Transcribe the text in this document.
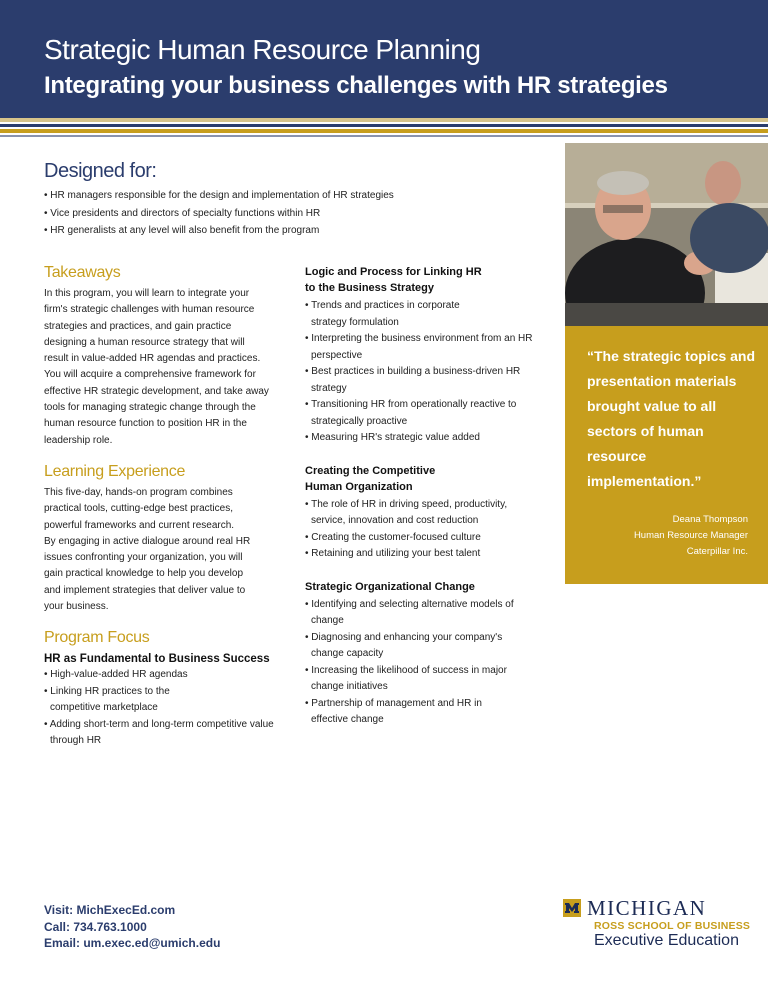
Strategic Human Resource Planning
Integrating your business challenges with HR strategies
“The strategic topics and presentation materials brought value to all sectors of human resource implementation.”
Deana Thompson
Human Resource Manager
Caterpillar Inc.
Designed for:
• HR managers responsible for the design and implementation of HR strategies
• Vice presidents and directors of specialty functions within HR
• HR generalists at any level will also benefit from the program
Takeaways
In this program, you will learn to integrate your
firm's strategic challenges with human resource
strategies and practices, and gain practice
designing a human resource strategy that will
result in value-added HR agendas and practices.
You will acquire a comprehensive framework for
effective HR strategic development, and take away
tools for managing strategic change through the
human resource function to position HR in the
leadership role.
Learning Experience
This five-day, hands-on program combines
practical tools, cutting-edge best practices,
powerful frameworks and current research.
By engaging in active dialogue around real HR
issues confronting your organization, you will
gain practical knowledge to help you develop
and implement strategies that deliver value to
your business.
Program Focus
HR as Fundamental to Business Success
• High-value-added HR agendas
• Linking HR practices to the competitive marketplace
• Adding short-term and long-term competitive value through HR
Logic and Process for Linking HR
to the Business Strategy
• Trends and practices in corporate strategy formulation
• Interpreting the business environment from an HR perspective
• Best practices in building a business-driven HR strategy
• Transitioning HR from operationally reactive to strategically proactive
• Measuring HR's strategic value added
Creating the Competitive
Human Organization
• The role of HR in driving speed, productivity, service, innovation and cost reduction
• Creating the customer-focused culture
• Retaining and utilizing your best talent
Strategic Organizational Change
• Identifying and selecting alternative models of change
• Diagnosing and enhancing your company's change capacity
• Increasing the likelihood of success in major change initiatives
• Partnership of management and HR in effective change
Visit: MichExecEd.com
Call: 734.763.1000
Email: um.exec.ed@umich.edu
MICHIGAN
ROSS SCHOOL OF BUSINESS
Executive Education
